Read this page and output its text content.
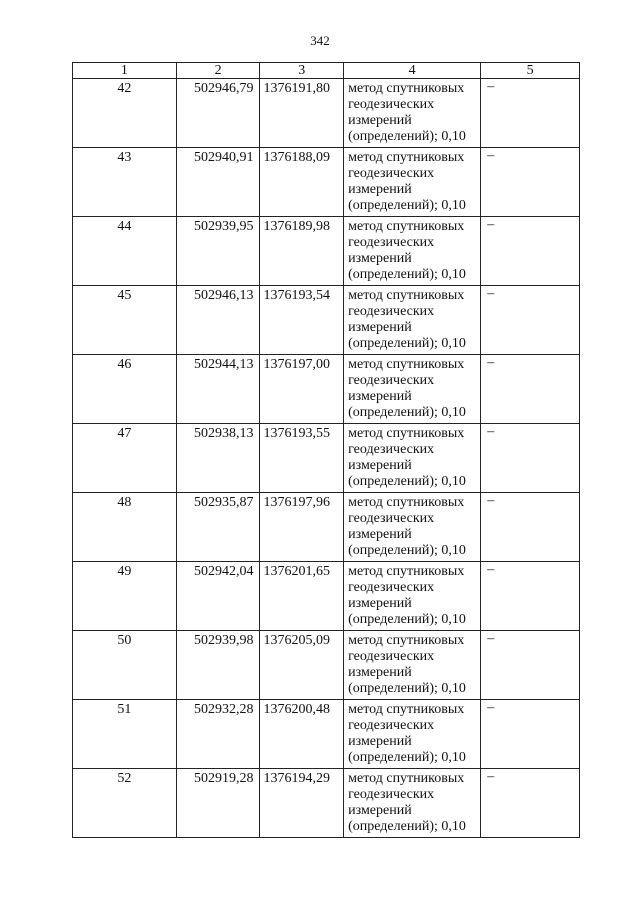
342
1	2	3	4	5
42	502946,79	1376191,80	метод спутниковых
геодезических
измерений
(определений); 0,10	–
43	502940,91	1376188,09	метод спутниковых
геодезических
измерений
(определений); 0,10	–
44	502939,95	1376189,98	метод спутниковых
геодезических
измерений
(определений); 0,10	–
45	502946,13	1376193,54	метод спутниковых
геодезических
измерений
(определений); 0,10	–
46	502944,13	1376197,00	метод спутниковых
геодезических
измерений
(определений); 0,10	–
47	502938,13	1376193,55	метод спутниковых
геодезических
измерений
(определений); 0,10	–
48	502935,87	1376197,96	метод спутниковых
геодезических
измерений
(определений); 0,10	–
49	502942,04	1376201,65	метод спутниковых
геодезических
измерений
(определений); 0,10	–
50	502939,98	1376205,09	метод спутниковых
геодезических
измерений
(определений); 0,10	–
51	502932,28	1376200,48	метод спутниковых
геодезических
измерений
(определений); 0,10	–
52	502919,28	1376194,29	метод спутниковых
геодезических
измерений
(определений); 0,10	–
